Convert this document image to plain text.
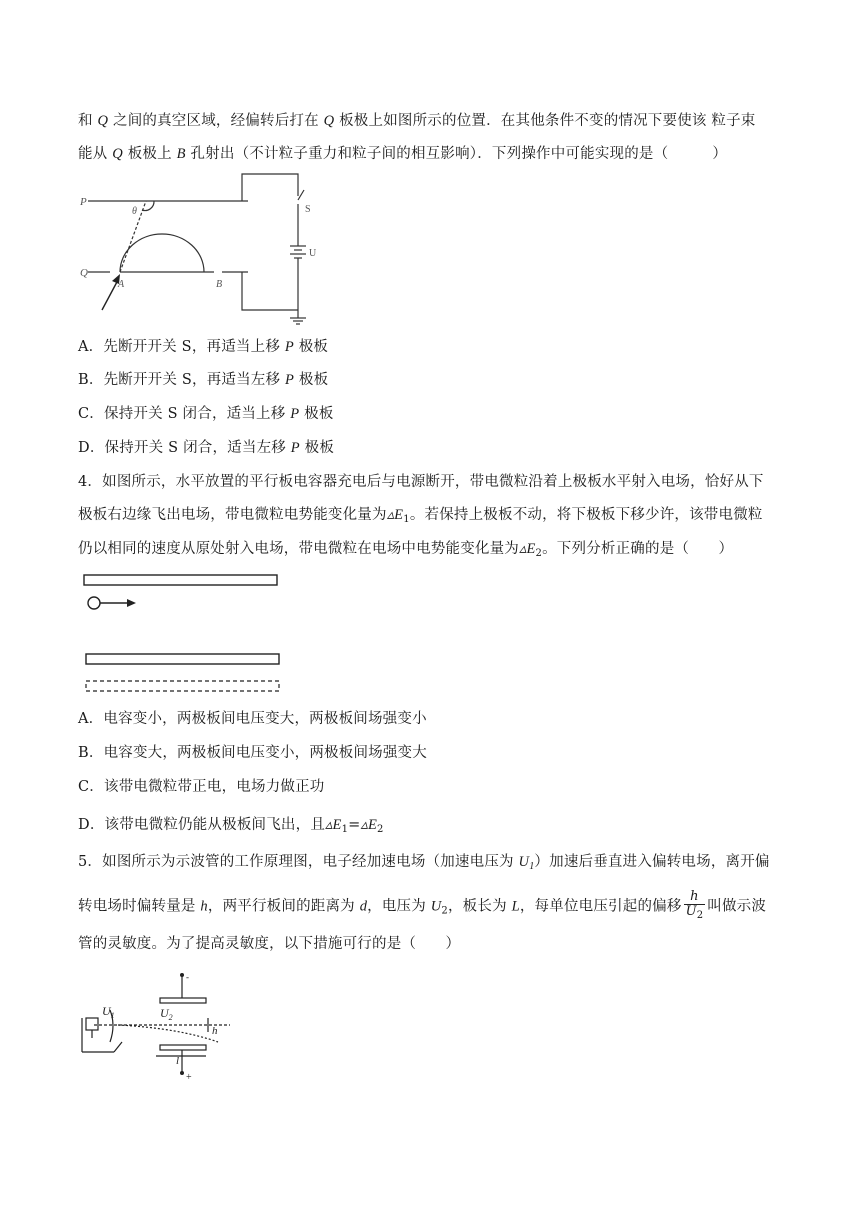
和 Q 之间的真空区域，经偏转后打在 Q 板极上如图所示的位置．在其他条件不变的情况下要使该 粒子束
能从 Q 板极上 B 孔射出（不计粒子重力和粒子间的相互影响）．下列操作中可能实现的是（　　　）
P
Q
θ	S
U
A	B
A．先断开开关 S，再适当上移 P 极板
B．先断开开关 S，再适当左移 P 极板
C．保持开关 S 闭合，适当上移 P 极板
D．保持开关 S 闭合，适当左移 P 极板
4．如图所示，水平放置的平行板电容器充电后与电源断开，带电微粒沿着上极板水平射入电场，恰好从下
极板右边缘飞出电场，带电微粒电势能变化量为$▵E_1$。若保持上极板不动，将下极板下移少许，该带电微粒
仍以相同的速度从原处射入电场，带电微粒在电场中电势能变化量为$▵E_2$。下列分析正确的是（　　）
A．电容变小，两极板间电压变大，两极板间场强变小
B．电容变大，两极板间电压变小，两极板间场强变大
C．该带电微粒带正电，电场力做正功
D．该带电微粒仍能从极板间飞出，且$▵E_1=▵E_2$
5．如图所示为示波管的工作原理图，电子经加速电场（加速电压为 $U_1$）加速后垂直进入偏转电场，离开偏
转电场时偏转量是 h，两平行板间的距离为 d，电压为 $U_2$，板长为 L，每单位电压引起的偏移 $\frac{h}{U_2}$ 叫做示波
管的灵敏度。为了提高灵敏度，以下措施可行的是（　　）
$U_1$	$U_2$
h
l
-
+
